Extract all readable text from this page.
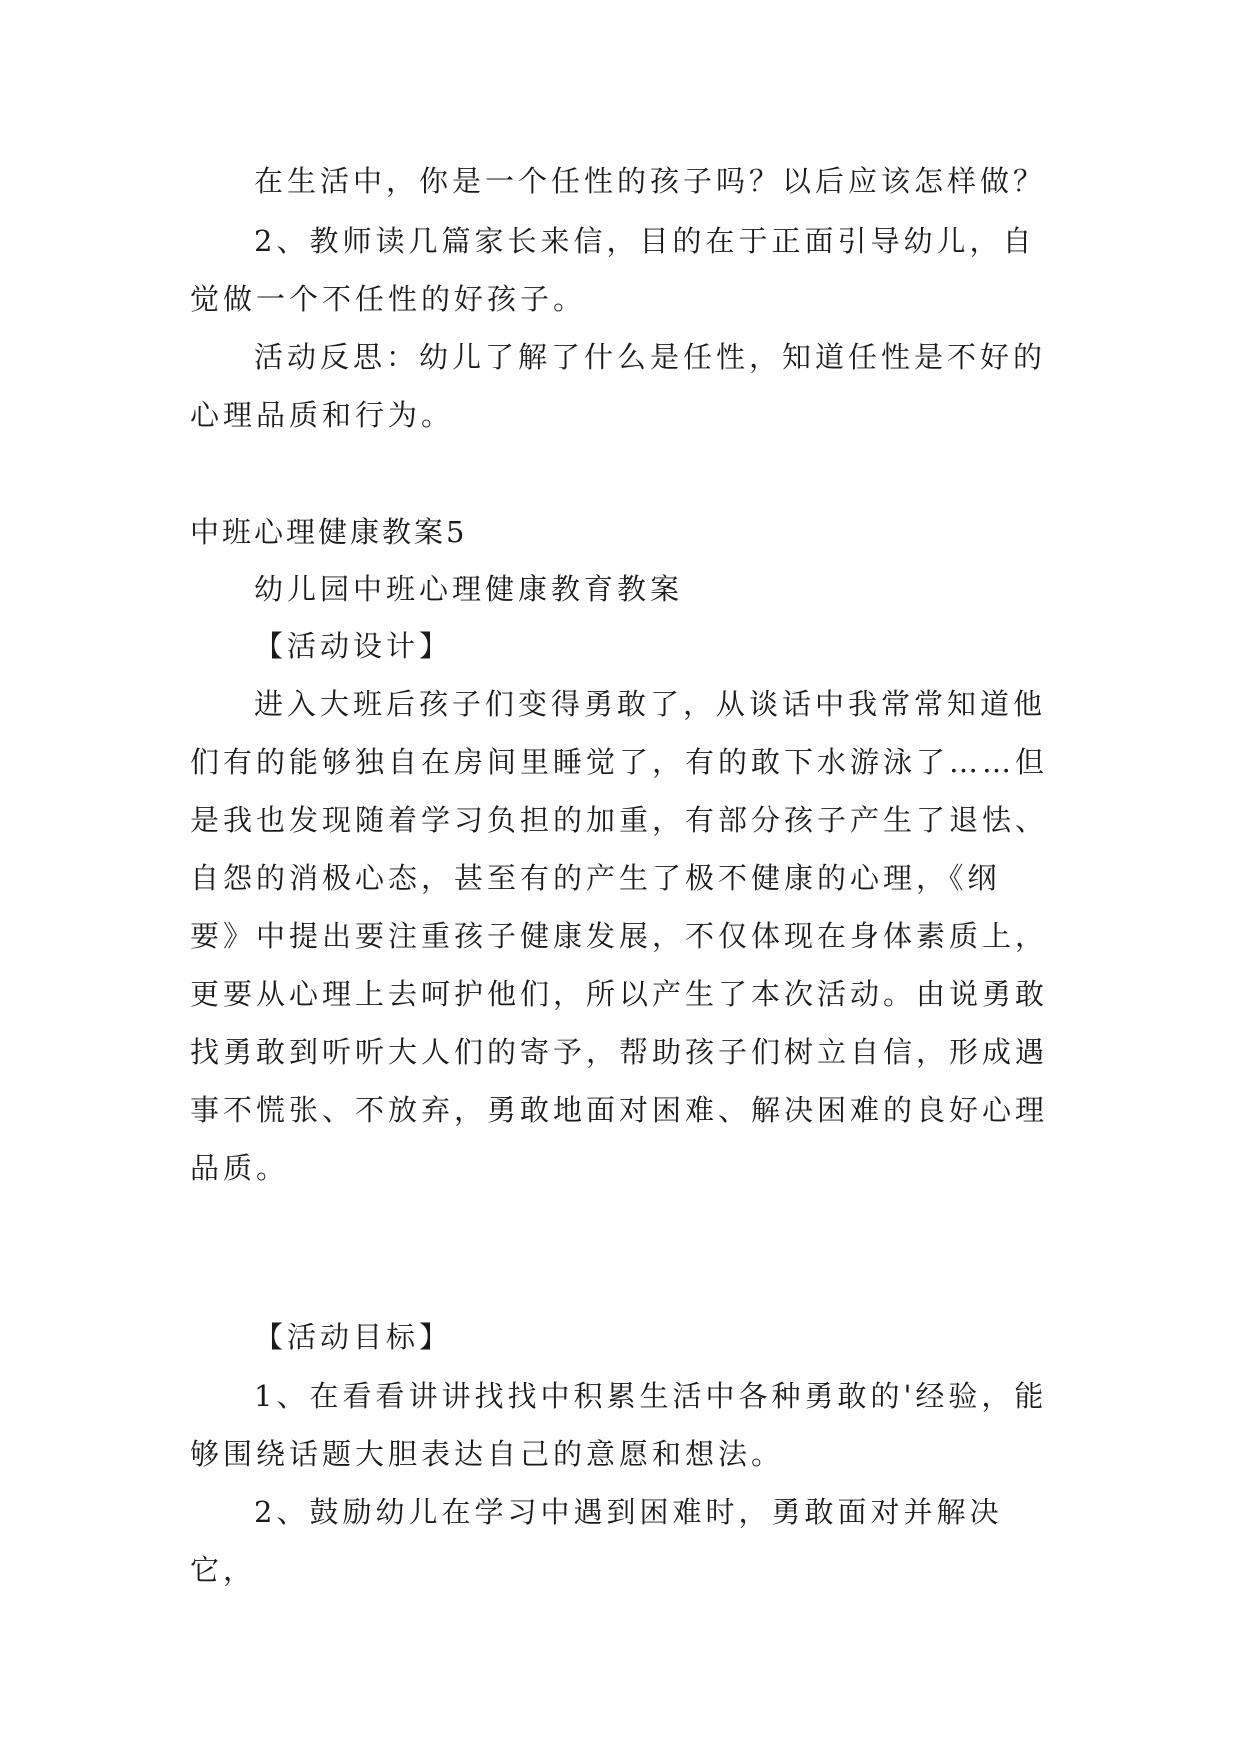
在生活中，你是一个任性的孩子吗？以后应该怎样做？

2、教师读几篇家长来信，目的在于正面引导幼儿，自觉做一个不任性的好孩子。

活动反思：幼儿了解了什么是任性，知道任性是不好的心理品质和行为。

中班心理健康教案5

幼儿园中班心理健康教育教案

【活动设计】

进入大班后孩子们变得勇敢了，从谈话中我常常知道他们有的能够独自在房间里睡觉了，有的敢下水游泳了……但是我也发现随着学习负担的加重，有部分孩子产生了退怯、自怨的消极心态，甚至有的产生了极不健康的心理，《纲要》中提出要注重孩子健康发展，不仅体现在身体素质上，更要从心理上去呵护他们，所以产生了本次活动。由说勇敢找勇敢到听听大人们的寄予，帮助孩子们树立自信，形成遇事不慌张、不放弃，勇敢地面对困难、解决困难的良好心理品质。

【活动目标】

1、在看看讲讲找找中积累生活中各种勇敢的'经验，能够围绕话题大胆表达自己的意愿和想法。

2、鼓励幼儿在学习中遇到困难时，勇敢面对并解决它，
